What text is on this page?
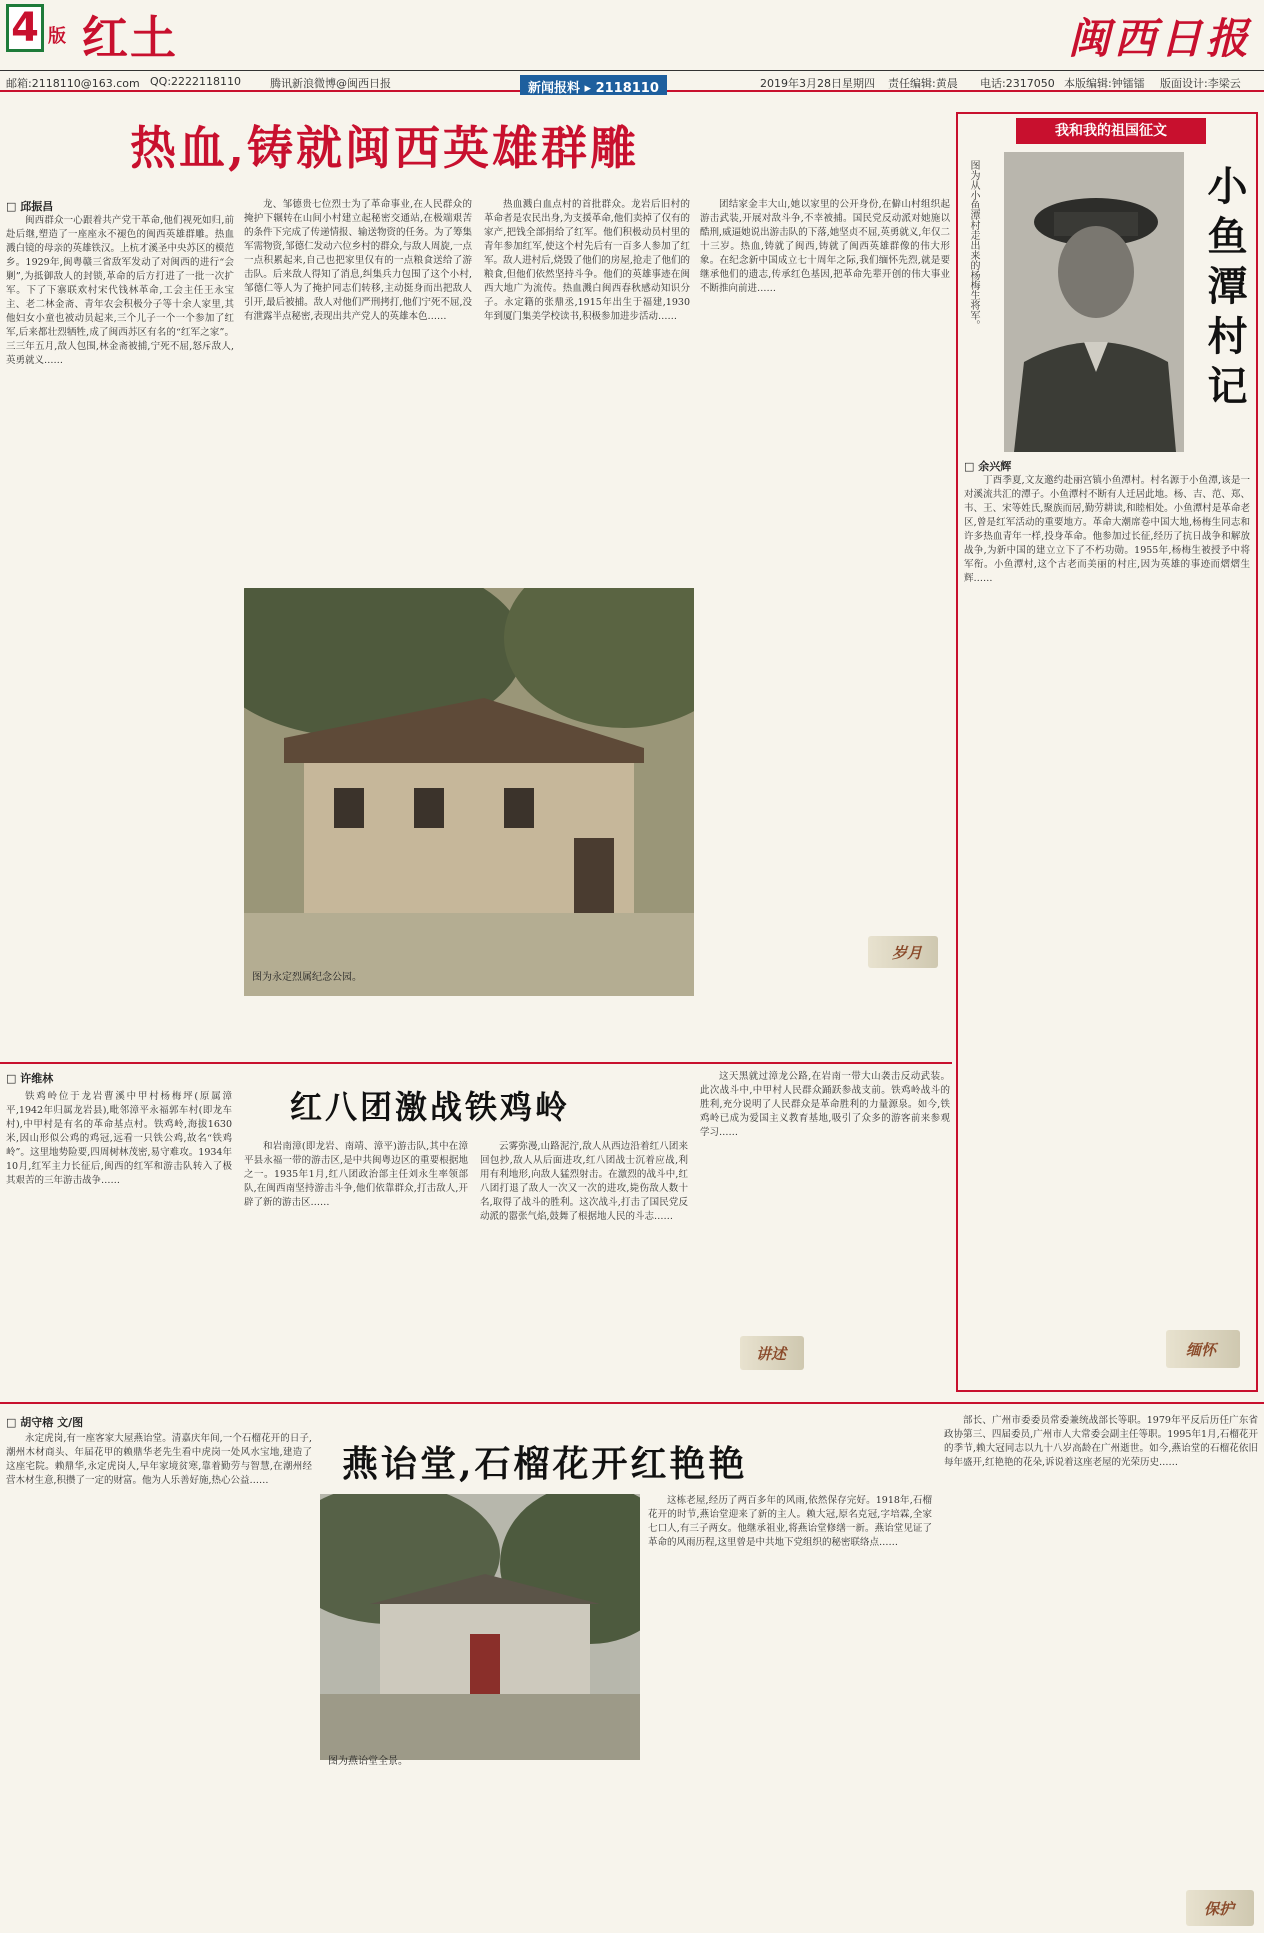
4 版 红土	闽西日报
邮箱:2118110@163.com QQ:2222118110	腾讯新浪微博@闽西日报	新闻报料 ▸ 2118110	2019年3月28日 星期四 责任编辑:黄晨 电话:2317050 本版编辑:钟镭镭 版面设计:李梁云
热血,铸就闽西英雄群雕
□ 邱振昌
闽西群众一心跟着共产党干革命,他们视死如归,前赴后继,塑造了一座座永不褪色的闽西英雄群雕。热血溅白镜的母亲的英雄铁汉。上杭才溪圣中央苏区的模范乡。1929年,闽粤赣三省敌军发动了对闽西的进行“会剿”,为抵御敌人的封锁,革命的后方打进了一批一次扩军。下了下寨联欢村宋代钱林革命,工会主任王永宝主、老二林金斋、青年农会积极分子等十余人家里,其他妇女小童也被动员起来,三个儿子一个一个参加了红军,后来都壮烈牺牲,成了闽西苏区有名的“红军之家”。三三年五月,敌人包围,林金斋被捕,宁死不屈,怒斥敌人,英勇就义……
龙、邹德贵七位烈士为了革命事业,在人民群众的掩护下辗转在山间小村建立起秘密交通站,在极端艰苦的条件下完成了传递情报、输送物资的任务。为了筹集军需物资,邹德仁发动六位乡村的群众,与敌人周旋,一点一点积累起来,自己也把家里仅有的一点粮食送给了游击队。后来敌人得知了消息,纠集兵力包围了这个小村,邹德仁等人为了掩护同志们转移,主动挺身而出把敌人引开,最后被捕。敌人对他们严刑拷打,他们宁死不屈,没有泄露半点秘密,表现出共产党人的英雄本色……
热血溅白血点村的首批群众。龙岩后旧村的革命者是农民出身,为支援革命,他们卖掉了仅有的家产,把钱全部捐给了红军。他们积极动员村里的青年参加红军,使这个村先后有一百多人参加了红军。敌人进村后,烧毁了他们的房屋,抢走了他们的粮食,但他们依然坚持斗争。他们的英雄事迹在闽西大地广为流传。热血溅白闽西春秋感动知识分子。永定籍的张鼎丞,1915年出生于福建,1930年到厦门集美学校读书,积极参加进步活动……
团结家金丰大山,她以家里的公开身份,在僻山村组织起游击武装,开展对敌斗争,不幸被捕。国民党反动派对她施以酷刑,威逼她说出游击队的下落,她坚贞不屈,英勇就义,年仅二十三岁。热血,铸就了闽西,铸就了闽西英雄群像的伟大形象。在纪念新中国成立七十周年之际,我们缅怀先烈,就是要继承他们的遗志,传承红色基因,把革命先辈开创的伟大事业不断推向前进……
图为永定烈属纪念公园。
岁月
红八团激战铁鸡岭
□ 许维林
铁鸡岭位于龙岩曹溪中甲村杨梅坪(原属漳平,1942年归属龙岩县),毗邻漳平永福郭车村(即龙车村),中甲村是有名的革命基点村。铁鸡岭,海拔1630米,因山形似公鸡的鸡冠,远看一只铁公鸡,故名“铁鸡岭”。这里地势险要,四周树林茂密,易守难攻。1934年10月,红军主力长征后,闽西的红军和游击队转入了极其艰苦的三年游击战争……
和岩南漳(即龙岩、南靖、漳平)游击队,其中在漳平县永福一带的游击区,是中共闽粤边区的重要根据地之一。1935年1月,红八团政治部主任刘永生率领部队,在闽西南坚持游击斗争,他们依靠群众,打击敌人,开辟了新的游击区……
云雾弥漫,山路泥泞,敌人从西边沿着红八团来回包抄,敌人从后面进攻,红八团战士沉着应战,利用有利地形,向敌人猛烈射击。在激烈的战斗中,红八团打退了敌人一次又一次的进攻,毙伤敌人数十名,取得了战斗的胜利。这次战斗,打击了国民党反动派的嚣张气焰,鼓舞了根据地人民的斗志……
这天黑就过漳龙公路,在岩南一带大山袭击反动武装。此次战斗中,中甲村人民群众踊跃参战支前。铁鸡岭战斗的胜利,充分说明了人民群众是革命胜利的力量源泉。如今,铁鸡岭已成为爱国主义教育基地,吸引了众多的游客前来参观学习……
讲述
我和我的祖国征文
图为从小鱼潭村走出来的杨梅生将军。	小鱼潭村记
□ 余兴辉
丁酉季夏,文友邀约赴丽宫镇小鱼潭村。村名源于小鱼潭,该是一对溪流共汇的潭子。小鱼潭村不断有人迁居此地。杨、吉、范、郑、韦、王、宋等姓氏,聚族而居,勤劳耕读,和睦相处。小鱼潭村是革命老区,曾是红军活动的重要地方。革命大潮席卷中国大地,杨梅生同志和许多热血青年一样,投身革命。他参加过长征,经历了抗日战争和解放战争,为新中国的建立立下了不朽功勋。1955年,杨梅生被授予中将军衔。小鱼潭村,这个古老而美丽的村庄,因为英雄的事迹而熠熠生辉……
缅怀
□ 胡守榕 文/图
燕诒堂,石榴花开红艳艳
永定虎岗,有一座客家大屋燕诒堂。清嘉庆年间,一个石榴花开的日子,潮州木材商头、年届花甲的赖鼎华老先生看中虎岗一处风水宝地,建造了这座宅院。赖鼎华,永定虎岗人,早年家境贫寒,靠着勤劳与智慧,在潮州经营木材生意,积攒了一定的财富。他为人乐善好施,热心公益……
图为燕诒堂全景。
这栋老屋,经历了两百多年的风雨,依然保存完好。1918年,石榴花开的时节,燕诒堂迎来了新的主人。赖大冠,原名克冠,字培霖,全家七口人,有三子两女。他继承祖业,将燕诒堂修缮一新。燕诒堂见证了革命的风雨历程,这里曾是中共地下党组织的秘密联络点……
部长、广州市委委员常委兼统战部长等职。1979年平反后历任广东省政协第三、四届委员,广州市人大常委会副主任等职。1995年1月,石榴花开的季节,赖大冠同志以九十八岁高龄在广州逝世。如今,燕诒堂的石榴花依旧每年盛开,红艳艳的花朵,诉说着这座老屋的光荣历史……
保护
